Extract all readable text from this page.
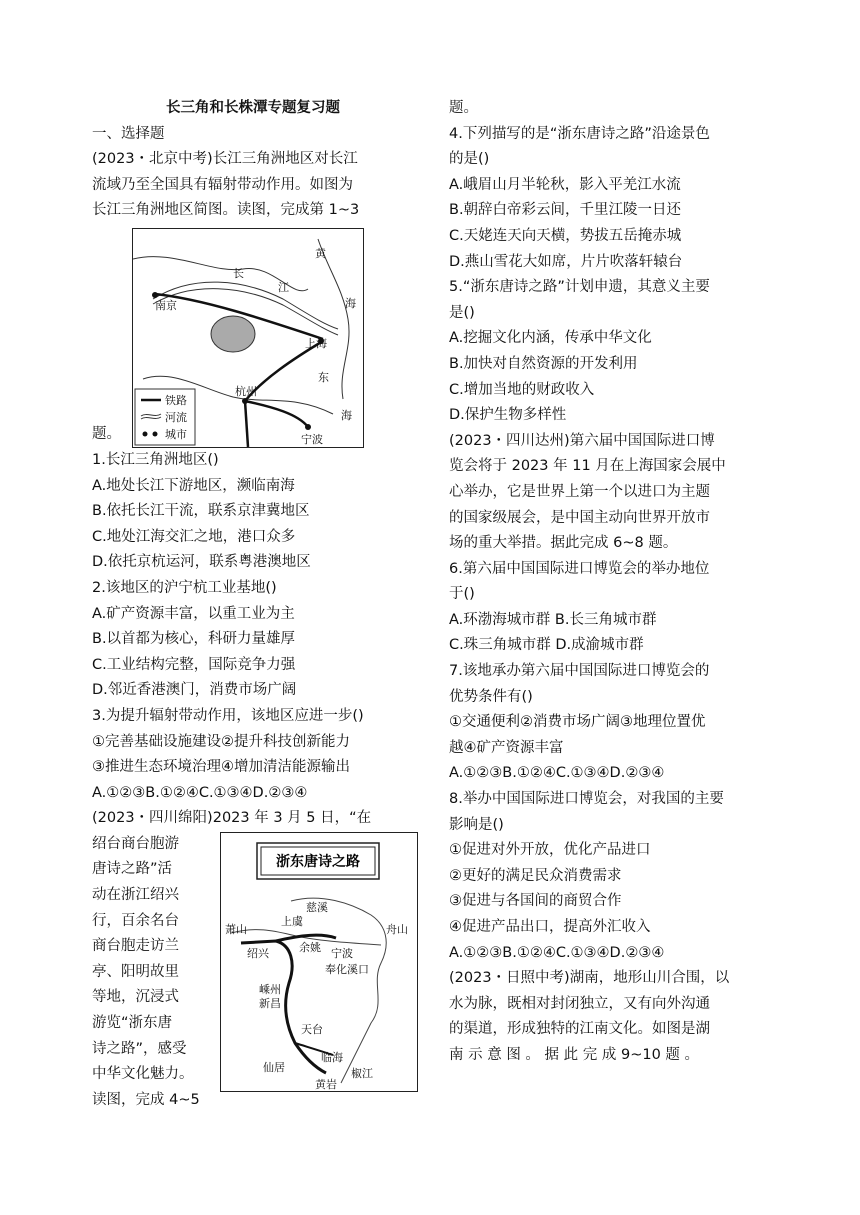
长三角和长株潭专题复习题
一、选择题
(2023・北京中考)长江三角洲地区对长江
流域乃至全国具有辐射带动作用。如图为
长江三角洲地区简图。读图，完成第 1~3
题。
黄
海
长
江
南京
上海
东
杭州
宁波
海
铁路
河流
城市
1.长江三角洲地区()
A.地处长江下游地区，濒临南海
B.依托长江干流，联系京津冀地区
C.地处江海交汇之地，港口众多
D.依托京杭运河，联系粤港澳地区
2.该地区的沪宁杭工业基地()
A.矿产资源丰富，以重工业为主
B.以首都为核心，科研力量雄厚
C.工业结构完整，国际竞争力强
D.邻近香港澳门，消费市场广阔
3.为提升辐射带动作用，该地区应进一步()
①完善基础设施建设②提升科技创新能力
③推进生态环境治理④增加清洁能源输出
A.①②③B.①②④C.①③④D.②③④
(2023・四川绵阳)2023 年 3 月 5 日，“在
绍台商台胞游
唐诗之路”活
动在浙江绍兴
行，百余名台
商台胞走访兰
亭、阳明故里
等地，沉浸式
游览“浙东唐
诗之路”，感受
中华文化魅力。
读图，完成 4~5
浙东唐诗之路
慈溪
上虞
余姚
舟山
萧山
绍兴	宁波
奉化溪口
嵊州
新昌
天台
临海
椒江
仙居
黄岩
题。
4.下列描写的是“浙东唐诗之路”沿途景色
的是()
A.峨眉山月半轮秋，影入平羌江水流
B.朝辞白帝彩云间，千里江陵一日还
C.天姥连天向天横，势拔五岳掩赤城
D.燕山雪花大如席，片片吹落轩辕台
5.“浙东唐诗之路”计划申遗，其意义主要
是()
A.挖掘文化内涵，传承中华文化
B.加快对自然资源的开发利用
C.增加当地的财政收入
D.保护生物多样性
(2023・四川达州)第六届中国国际进口博
览会将于 2023 年 11 月在上海国家会展中
心举办，它是世界上第一个以进口为主题
的国家级展会，是中国主动向世界开放市
场的重大举措。据此完成 6~8 题。
6.第六届中国国际进口博览会的举办地位
于()
A.环渤海城市群 B.长三角城市群
C.珠三角城市群 D.成渝城市群
7.该地承办第六届中国国际进口博览会的
优势条件有()
①交通便利②消费市场广阔③地理位置优
越④矿产资源丰富
A.①②③B.①②④C.①③④D.②③④
8.举办中国国际进口博览会，对我国的主要
影响是()
①促进对外开放，优化产品进口
②更好的满足民众消费需求
③促进与各国间的商贸合作
④促进产品出口，提高外汇收入
A.①②③B.①②④C.①③④D.②③④
(2023・日照中考)湖南，地形山川合围，以
水为脉，既相对封闭独立，又有向外沟通
的渠道，形成独特的江南文化。如图是湖
南 示 意 图 。 据 此 完 成 9~10 题 。
